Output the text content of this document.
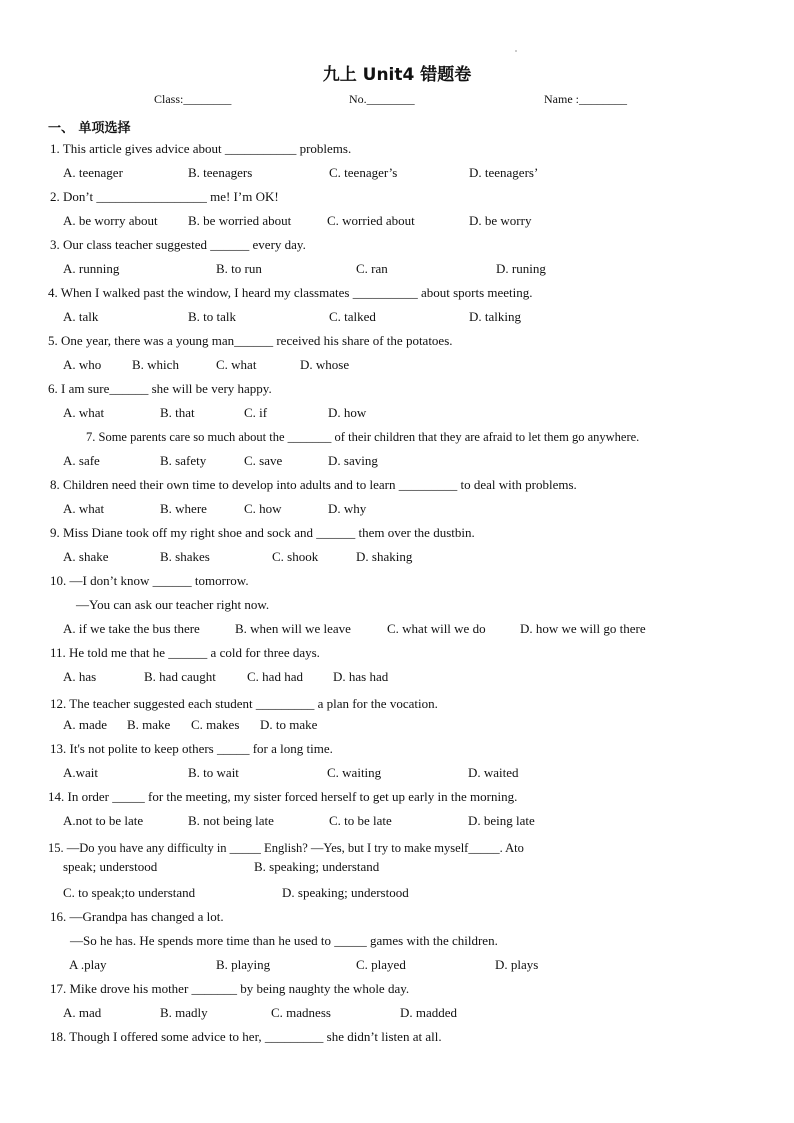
九上 Unit4 错题卷
Class:________	No.________	Name :________
一、 单项选择
1. This article gives advice about ___________ problems.
A. teenager	B. teenagers	C. teenager’s	D. teenagers’
2. Don’t _________________ me! I’m OK!
A. be worry about B. be worried about	C. worried about	D. be worry
3. Our class teacher suggested ______ every day.
A. running	B. to run	C. ran	D. runing
4. When I walked past the window, I heard my classmates __________ about sports meeting.
A. talk	B. to talk	C. talked	D. talking
5. One year, there was a young man______ received his share of the potatoes.
A. who B. which	C. what	D. whose
6. I am sure______ she will be very happy.
A. what	B. that	C. if	D. how
7. Some parents care so much about the _______ of their children that they are afraid to let them go anywhere.
A. safe	B. safety	C. save	D. saving
8. Children need their own time to develop into adults and to learn _________ to deal with problems.
A. what	B. where	C. how	D. why
9. Miss Diane took off my right shoe and sock and ______ them over the dustbin.
A. shake	B. shakes	C. shook	D. shaking
10. —I don’t know ______ tomorrow.
—You can ask our teacher right now.
A. if we take the bus there	B. when will we leave	C. what will we do	D. how we will go there
11. He told me that he ______ a cold for three days.
A. has	B. had caught C. had had D. has had
12. The teacher suggested each student _________ a plan for the vocation.
A. made B. make C. makes D. to make
13. It's not polite to keep others _____ for a long time.
A.wait	B. to wait	C. waiting	D. waited
14. In order _____ for the meeting, my sister forced herself to get up early in the morning.
A.not to be late	B. not being late	C. to be late	D. being late
15. —Do you have any difficulty in _____ English? —Yes, but I try to make myself_____. Ato
speak; understood	B. speaking; understand
C. to speak;to understand	D. speaking; understood
16. —Grandpa has changed a lot.
—So he has. He spends more time than he used to _____ games with the children.
A .play	B. playing	C. played	D. plays
17. Mike drove his mother _______ by being naughty the whole day.
A. mad	B. madly	C. madness	D. madded
18. Though I offered some advice to her, _________ she didn’t listen at all.
